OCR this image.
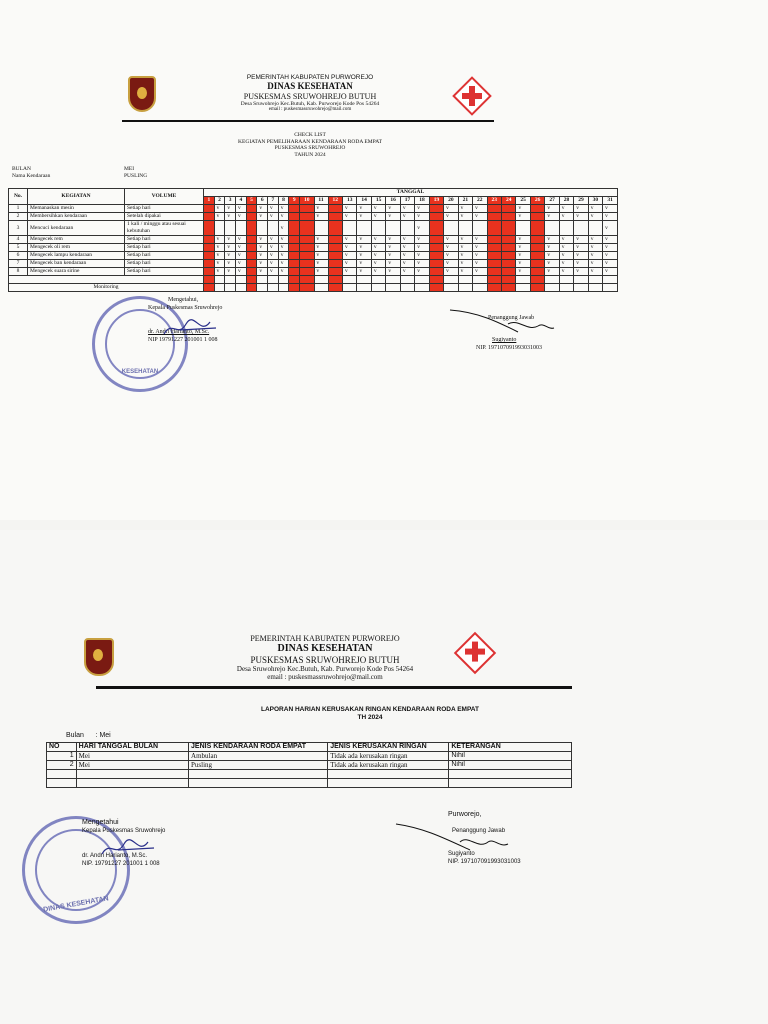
PEMERINTAH KABUPATEN PURWOREJO
DINAS KESEHATAN
PUSKESMAS SRUWOHREJO BUTUH
Desa Sruwohrejo Kec.Butuh, Kab. Purworejo Kode Pos 54264
email : puskesmassruwohrejo@mail.com
CHECK LIST
KEGIATAN PEMELIHARAAN KENDARAAN RODA EMPAT
PUSKESMAS SRUWOHREJO
TAHUN 2024
BULAN	MEI
Nama Kendaraan	PUSLING
No.	KEGIATAN	VOLUME	TANGGAL																														
			1	2	3	4	5	6	7	8	9	10	11	12	13	14	15	16	17	18	19	20	21	22	23	24	25	26	27	28	29	30	31
1	Memanaskan mesin	Setiap hari		v	v	v		v	v	v			v		v	v	v	v	v	v		v	v	v			v		v	v	v	v	v
2	Membersihkan kendaraan	Setelah dipakai		v	v	v		v	v	v			v		v	v	v	v	v	v		v	v	v			v		v	v	v	v	v
3	Mencuci kendaraan	1 kali / minggu atau sesuai kebutuhan								v										v													v
4	Mengecek rem	Setiap hari		v	v	v		v	v	v			v		v	v	v	v	v	v		v	v	v			v		v	v	v	v	v
5	Mengecek oli rem	Setiap hari		v	v	v		v	v	v			v		v	v	v	v	v	v		v	v	v			v		v	v	v	v	v
6	Mengecek lampu kendaraan	Setiap hari		v	v	v		v	v	v			v		v	v	v	v	v	v		v	v	v			v		v	v	v	v	v
7	Mengecek ban kendaraan	Setiap hari		v	v	v		v	v	v			v		v	v	v	v	v	v		v	v	v			v		v	v	v	v	v
8	Mengecek suara sirine	Setiap hari		v	v	v		v	v	v			v		v	v	v	v	v	v		v	v	v			v		v	v	v	v	v

Monitoring																																	
KESEHATAN
Mengetahui,
Kepala Puskesmas Sruwohrejo
dr. Andri Harianto, M.Sc.
NIP 19791227 201001 1 008
Penanggung Jawab
Sugiyanto
NIP. 197107091993031003
PEMERINTAH KABUPATEN PURWOREJO
DINAS KESEHATAN
PUSKESMAS SRUWOHREJO BUTUH
Desa Sruwohrejo Kec.Butuh, Kab. Purworejo Kode Pos 54264
email : puskesmassruwohrejo@mail.com
LAPORAN HARIAN KERUSAKAN RINGAN KENDARAAN RODA EMPAT
TH 2024
Bulan      : Mei
NO	HARI TANGGAL BULAN	JENIS KENDARAAN RODA EMPAT	JENIS KERUSAKAN RINGAN	KETERANGAN
1	Mei	Ambulan	Tidak ada kerusakan ringan	Nihil
2	Mei	Pusling	Tidak ada kerusakan ringan	Nihil

DINAS KESEHATAN
Mengetahui
Kepala Puskesmas Sruwohrejo
dr. Andri Harianto, M.Sc.
NIP. 19791227 201001 1 008
Purworejo,
Penanggung Jawab
Sugiyanto
NIP. 197107091993031003
